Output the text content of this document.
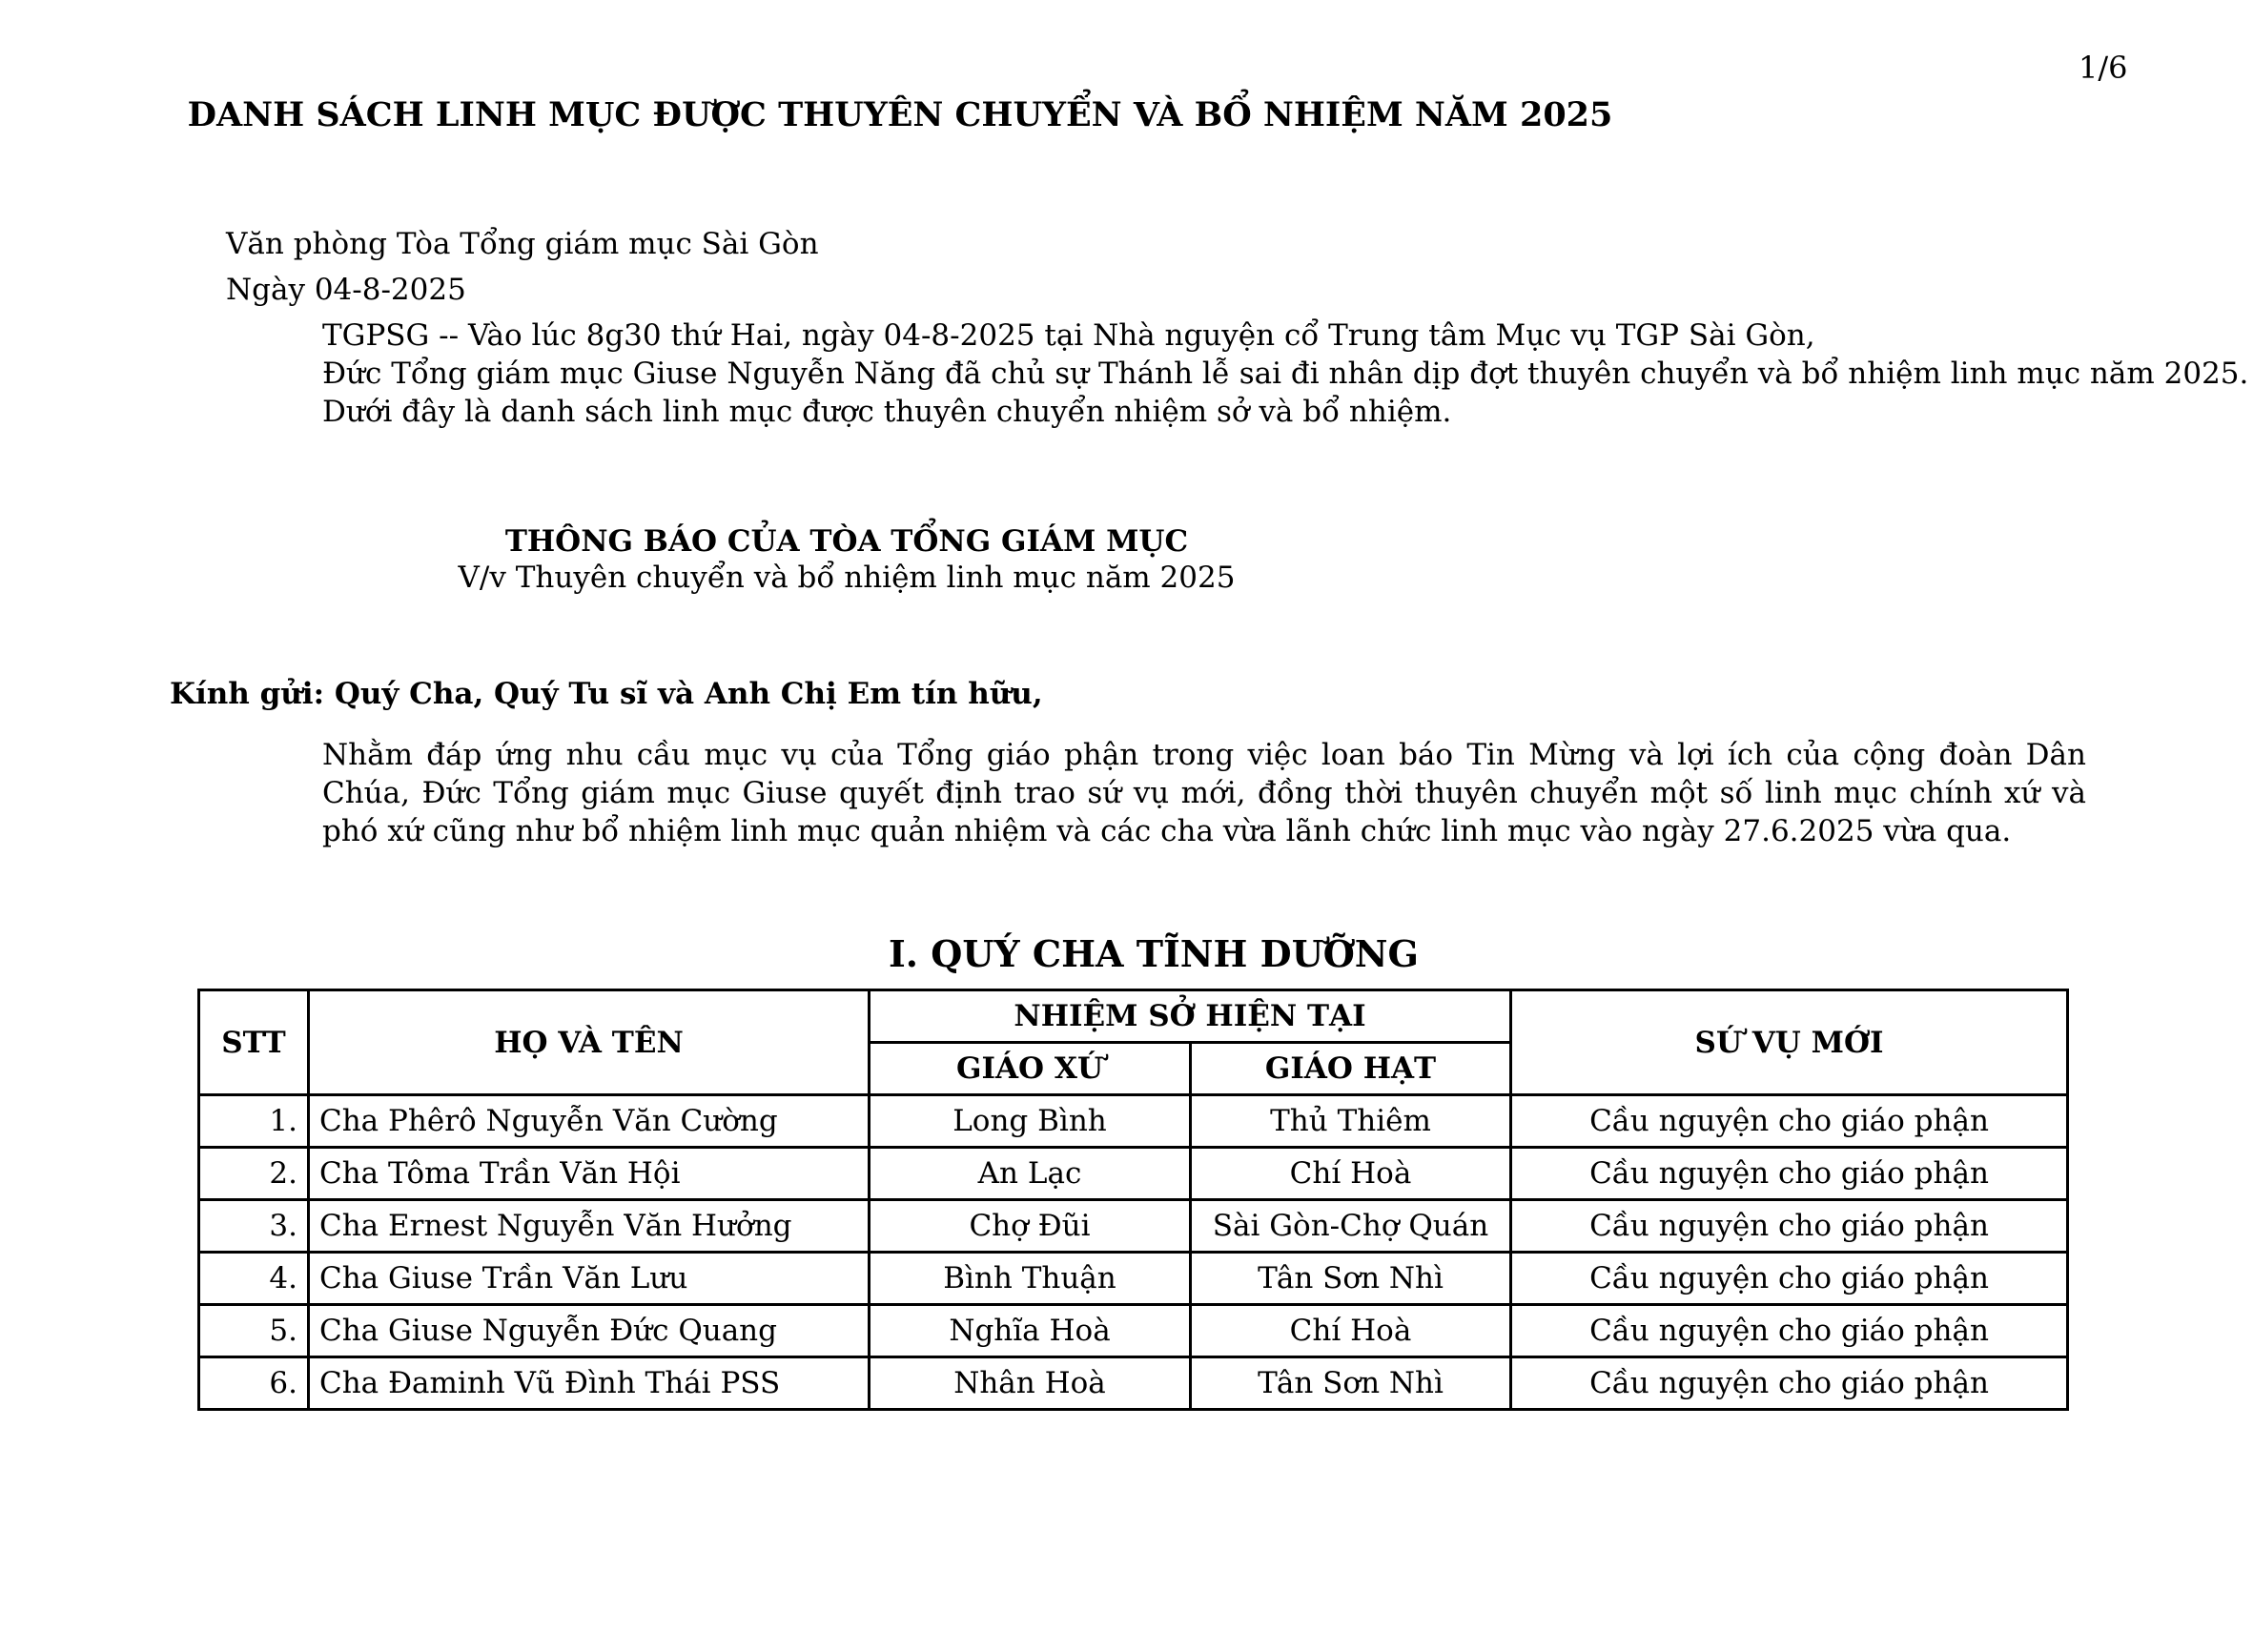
1/6
DANH SÁCH LINH MỤC ĐƯỢC THUYÊN CHUYỂN VÀ BỔ NHIỆM NĂM 2025
Văn phòng Tòa Tổng giám mục Sài Gòn
Ngày 04-8-2025
TGPSG -- Vào lúc 8g30 thứ Hai, ngày 04-8-2025 tại Nhà nguyện cổ Trung tâm Mục vụ TGP Sài Gòn,
Đức Tổng giám mục Giuse Nguyễn Năng đã chủ sự Thánh lễ sai đi nhân dịp đợt thuyên chuyển và bổ nhiệm linh mục năm 2025.
Dưới đây là danh sách linh mục được thuyên chuyển nhiệm sở và bổ nhiệm.
THÔNG BÁO CỦA TÒA TỔNG GIÁM MỤC
V/v Thuyên chuyển và bổ nhiệm linh mục năm 2025
Kính gửi: Quý Cha, Quý Tu sĩ và Anh Chị Em tín hữu,
Nhằm đáp ứng nhu cầu mục vụ của Tổng giáo phận trong việc loan báo Tin Mừng và lợi ích của cộng đoàn Dân Chúa, Đức Tổng giám mục Giuse quyết định trao sứ vụ mới, đồng thời thuyên chuyển một số linh mục chính xứ và phó xứ cũng như bổ nhiệm linh mục quản nhiệm và các cha vừa lãnh chức linh mục vào ngày 27.6.2025 vừa qua.
I. QUÝ CHA TĨNH DƯỠNG
STT	HỌ VÀ TÊN	NHIỆM SỞ HIỆN TẠI		SỨ VỤ MỚI
		GIÁO XỨ	GIÁO HẠT	
1.	Cha Phêrô Nguyễn Văn Cường	Long Bình	Thủ Thiêm	Cầu nguyện cho giáo phận
2.	Cha Tôma Trần Văn Hội	An Lạc	Chí Hoà	Cầu nguyện cho giáo phận
3.	Cha Ernest Nguyễn Văn Hưởng	Chợ Đũi	Sài Gòn-Chợ Quán	Cầu nguyện cho giáo phận
4.	Cha Giuse Trần Văn Lưu	Bình Thuận	Tân Sơn Nhì	Cầu nguyện cho giáo phận
5.	Cha Giuse Nguyễn Đức Quang	Nghĩa Hoà	Chí Hoà	Cầu nguyện cho giáo phận
6.	Cha Đaminh Vũ Đình Thái PSS	Nhân Hoà	Tân Sơn Nhì	Cầu nguyện cho giáo phận
